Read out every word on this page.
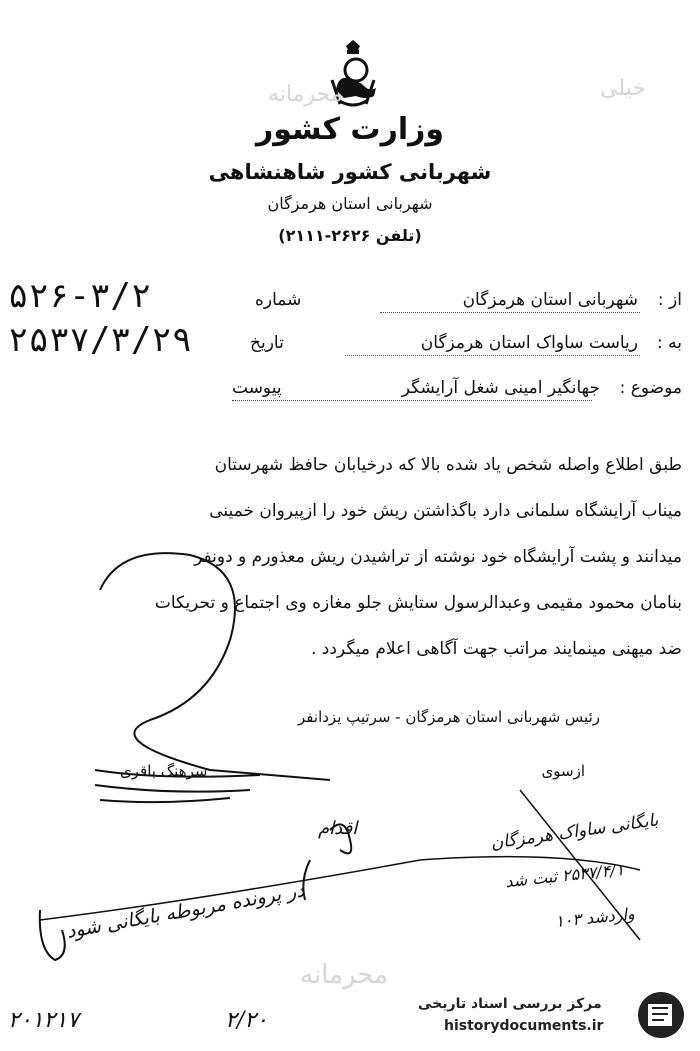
خیلی
محرمانه
وزارت کشور
شهربانی کشور شاهنشاهی
شهربانی استان هرمزگان
(تلفن ۲۶۲۶-۲۱۱۱)
از :
شهربانی استان هرمزگان
شماره
۵۲۶-۳/۲
به :
ریاست ساواک استان هرمزگان
تاریخ
۲۵۳۷/۳/۲۹
موضوع :
جهانگیر امینی شغل آرایشگر
پیوست
طبق اطلاع واصله شخص یاد شده بالا که درخیابان حافظ شهرستان
میناب آرایشگاه سلمانی دارد باگذاشتن ریش خود را ازپیروان خمینی
میدانند و پشت آرایشگاه خود نوشته از تراشیدن ریش معذورم و دونفر
بنامان محمود مقیمی وعبدالرسول ستایش جلو مغازه وی اجتماع و تحریکات
ضد میهنی مینمایند مراتب جهت آگاهی اعلام میگردد .
رئیس شهربانی استان هرمزگان - سرتیپ یزدانفر
ازسوی
سرهنگ باقری
اقدام	بایگانی ساواک هرمزگان
۲۵۳۷/۴/۱ ثبت شد
واردشد ۱۰۳
در پرونده مربوطه بایگانی شود
۲۰۱۲۱۷	۲/۲۰
محرمانه
مرکز بررسی اسناد تاریخی
historydocuments.ir
